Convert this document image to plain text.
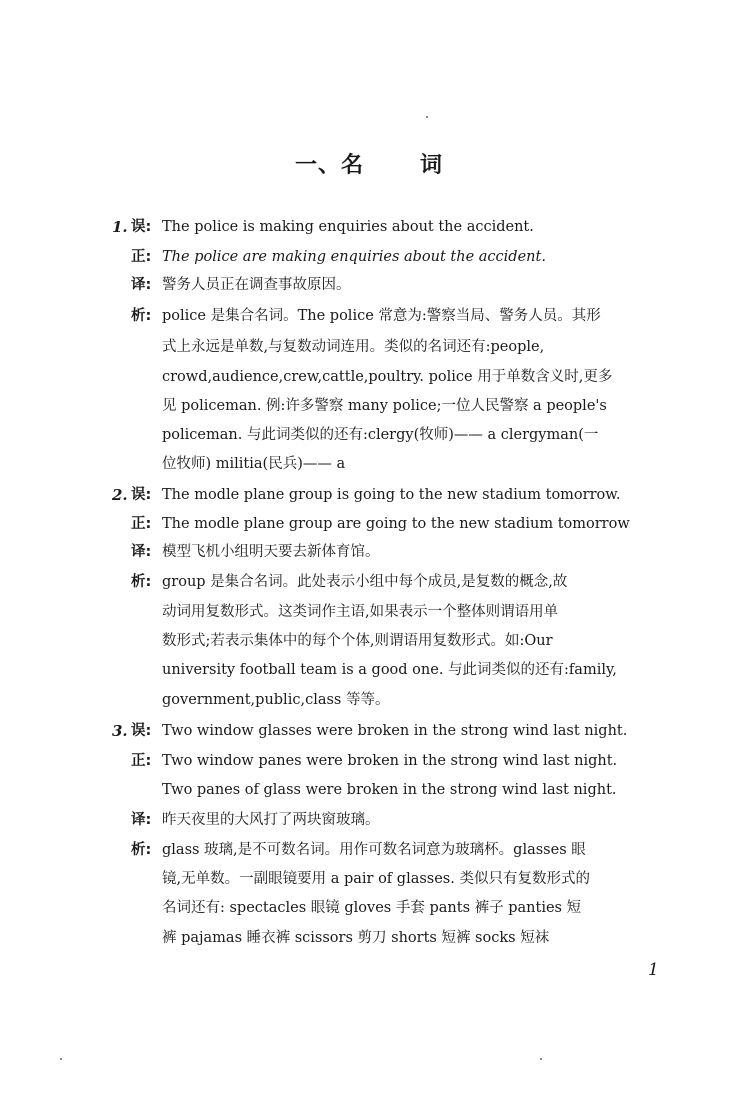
一、名	词
1. 误: The police is making enquiries about the accident.
正: The police are making enquiries about the accident.
译: 警务人员正在调查事故原因。
析: police 是集合名词。The police 常意为:警察当局、警务人员。其形
式上永远是单数,与复数动词连用。类似的名词还有:people,
crowd,audience,crew,cattle,poultry. police 用于单数含义时,更多
见 policeman. 例:许多警察 many police;一位人民警察 a people's
policeman. 与此词类似的还有:clergy(牧师)—— a clergyman(一
位牧师) militia(民兵)—— a
2. 误: The modle plane group is going to the new stadium tomorrow.
正: The modle plane group are going to the new stadium tomorrow
译: 模型飞机小组明天要去新体育馆。
析: group 是集合名词。此处表示小组中每个成员,是复数的概念,故
动词用复数形式。这类词作主语,如果表示一个整体则谓语用单
数形式;若表示集体中的每个个体,则谓语用复数形式。如:Our
university football team is a good one. 与此词类似的还有:family,
government,public,class 等等。
3. 误: Two window glasses were broken in the strong wind last night.
正: Two window panes were broken in the strong wind last night.
Two panes of glass were broken in the strong wind last night.
译: 昨天夜里的大风打了两块窗玻璃。
析: glass 玻璃,是不可数名词。用作可数名词意为玻璃杯。glasses 眼
镜,无单数。一副眼镜要用 a pair of glasses. 类似只有复数形式的
名词还有: spectacles 眼镜 gloves 手套 pants 裤子 panties 短
裤 pajamas 睡衣裤 scissors 剪刀 shorts 短裤 socks 短袜
1
